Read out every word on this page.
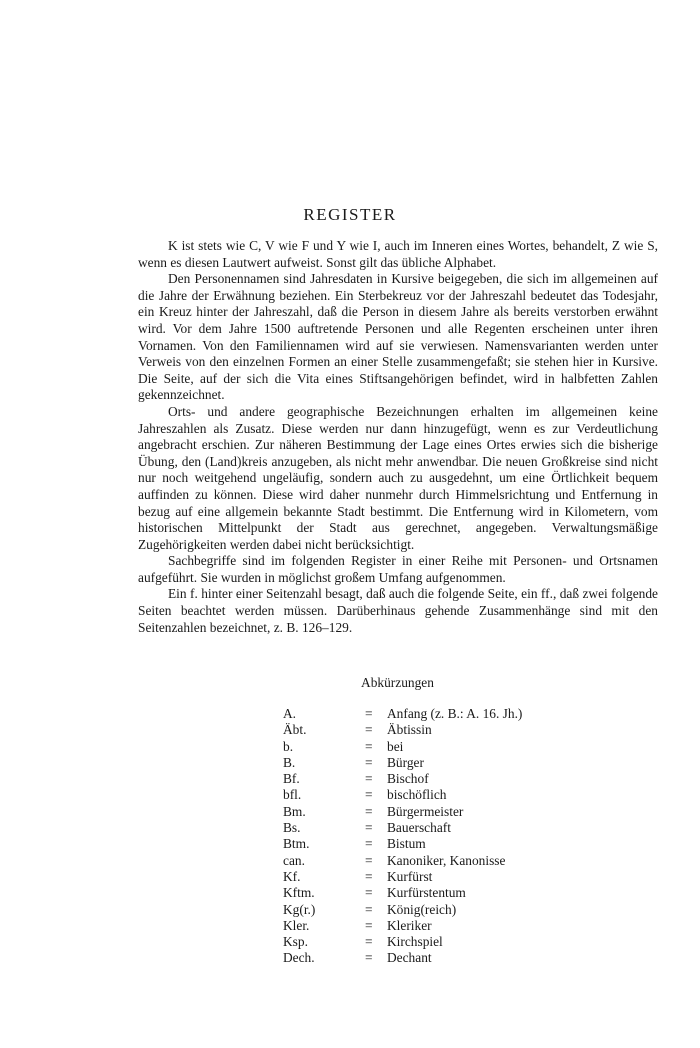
REGISTER

K ist stets wie C, V wie F und Y wie I, auch im Inneren eines Wortes, behandelt, Z wie S, wenn es diesen Lautwert aufweist. Sonst gilt das übliche Alphabet.

Den Personennamen sind Jahresdaten in Kursive beigegeben, die sich im allgemeinen auf die Jahre der Erwähnung beziehen. Ein Sterbekreuz vor der Jahreszahl bedeutet das Todesjahr, ein Kreuz hinter der Jahreszahl, daß die Person in diesem Jahre als bereits verstorben erwähnt wird. Vor dem Jahre 1500 auftretende Personen und alle Regenten erscheinen unter ihren Vornamen. Von den Familiennamen wird auf sie verwiesen. Namensvarianten werden unter Verweis von den einzelnen Formen an einer Stelle zusammengefaßt; sie stehen hier in Kursive. Die Seite, auf der sich die Vita eines Stiftsangehörigen befindet, wird in halbfetten Zahlen gekennzeichnet.

Orts- und andere geographische Bezeichnungen erhalten im allgemeinen keine Jahreszahlen als Zusatz. Diese werden nur dann hinzugefügt, wenn es zur Verdeutlichung angebracht erschien. Zur näheren Bestimmung der Lage eines Ortes erwies sich die bisherige Übung, den (Land)kreis anzugeben, als nicht mehr anwendbar. Die neuen Großkreise sind nicht nur noch weitgehend ungeläufig, sondern auch zu ausgedehnt, um eine Örtlichkeit bequem auffinden zu können. Diese wird daher nunmehr durch Himmelsrichtung und Entfernung in bezug auf eine allgemein bekannte Stadt bestimmt. Die Entfernung wird in Kilometern, vom historischen Mittelpunkt der Stadt aus gerechnet, angegeben. Verwaltungsmäßige Zugehörigkeiten werden dabei nicht berücksichtigt.

Sachbegriffe sind im folgenden Register in einer Reihe mit Personen- und Ortsnamen aufgeführt. Sie wurden in möglichst großem Umfang aufgenommen.

Ein f. hinter einer Seitenzahl besagt, daß auch die folgende Seite, ein ff., daß zwei folgende Seiten beachtet werden müssen. Darüberhinaus gehende Zusammenhänge sind mit den Seitenzahlen bezeichnet, z. B. 126–129.

Abkürzungen
A.	=	Anfang (z. B.: A. 16. Jh.)
Äbt.	=	Äbtissin
b.	=	bei
B.	=	Bürger
Bf.	=	Bischof
bfl.	=	bischöflich
Bm.	=	Bürgermeister
Bs.	=	Bauerschaft
Btm.	=	Bistum
can.	=	Kanoniker, Kanonisse
Kf.	=	Kurfürst
Kftm.	=	Kurfürstentum
Kg(r.)	=	König(reich)
Kler.	=	Kleriker
Ksp.	=	Kirchspiel
Dech.	=	Dechant
